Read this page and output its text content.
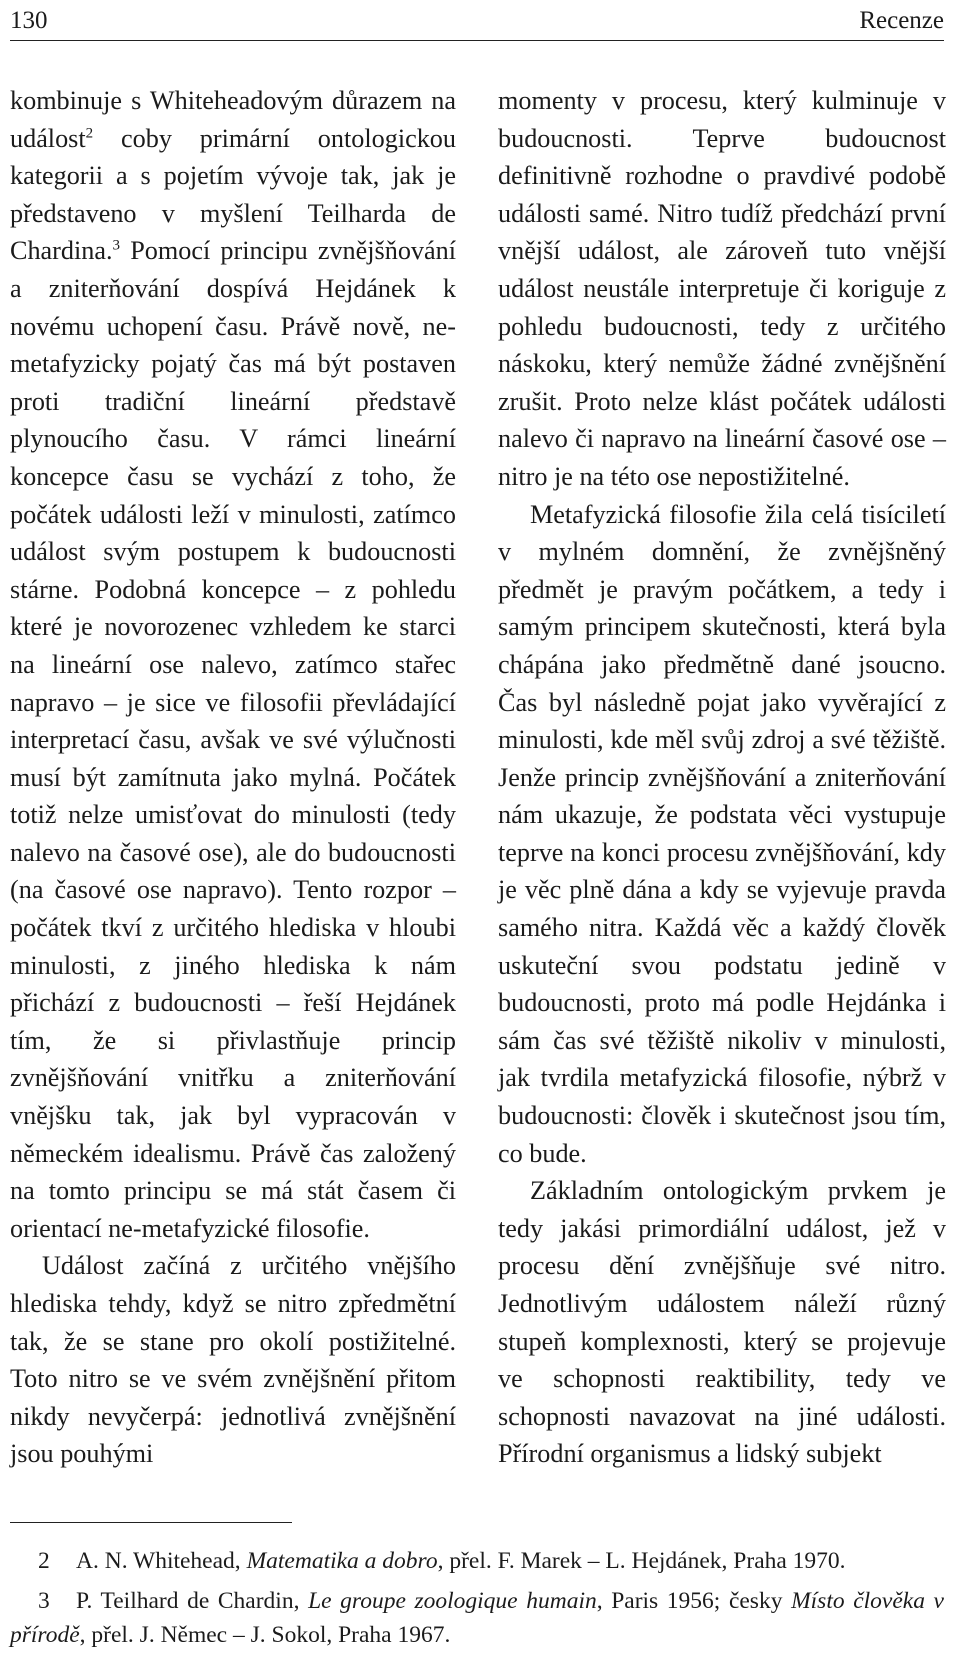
130	Recenze

kombinuje s Whiteheadovým důrazem na událost$^2$ coby primární ontologickou kategorii a s pojetím vývoje tak, jak je představeno v myšlení Teilharda de Chardina.$^3$ Pomocí principu zvnějšňování a zniterňování dospívá Hejdánek k novému uchopení času. Právě nově, ne-metafyzicky pojatý čas má být postaven proti tradiční lineární představě plynoucího času. V rámci lineární koncepce času se vychází z toho, že počátek události leží v minulosti, zatímco událost svým postupem k budoucnosti stárne. Podobná koncepce – z pohledu které je novorozenec vzhledem ke starci na lineární ose nalevo, zatímco stařec napravo – je sice ve filosofii převládající interpretací času, avšak ve své výlučnosti musí být zamítnuta jako mylná. Počátek totiž nelze umisťovat do minulosti (tedy nalevo na časové ose), ale do budoucnosti (na časové ose napravo). Tento rozpor – počátek tkví z určitého hlediska v hloubi minulosti, z jiného hlediska k nám přichází z budoucnosti – řeší Hejdánek tím, že si přivlastňuje princip zvnějšňování vnitřku a zniterňování vnějšku tak, jak byl vypracován v německém idealismu. Právě čas založený na tomto principu se má stát časem či orientací ne-metafyzické filosofie.

Událost začíná z určitého vnějšího hlediska tehdy, když se nitro zpředmětní tak, že se stane pro okolí postižitelné. Toto nitro se ve svém zvnějšnění přitom nikdy nevyčerpá: jednotlivá zvnějšnění jsou pouhými

momenty v procesu, který kulminuje v budoucnosti. Teprve budoucnost definitivně rozhodne o pravdivé podobě události samé. Nitro tudíž předchází první vnější událost, ale zároveň tuto vnější událost neustále interpretuje či koriguje z pohledu budoucnosti, tedy z určitého náskoku, který nemůže žádné zvnějšnění zrušit. Proto nelze klást počátek události nalevo či napravo na lineární časové ose – nitro je na této ose nepostižitelné.

Metafyzická filosofie žila celá tisíciletí v mylném domnění, že zvnějšněný předmět je pravým počátkem, a tedy i samým principem skutečnosti, která byla chápána jako předmětně dané jsoucno. Čas byl následně pojat jako vyvěrající z minulosti, kde měl svůj zdroj a své těžiště. Jenže princip zvnějšňování a zniterňování nám ukazuje, že podstata věci vystupuje teprve na konci procesu zvnějšňování, kdy je věc plně dána a kdy se vyjevuje pravda samého nitra. Každá věc a každý člověk uskuteční svou podstatu jedině v budoucnosti, proto má podle Hejdánka i sám čas své těžiště nikoliv v minulosti, jak tvrdila metafyzická filosofie, nýbrž v budoucnosti: člověk i skutečnost jsou tím, co bude.

Základním ontologickým prvkem je tedy jakási primordiální událost, jež v procesu dění zvnějšňuje své nitro. Jednotlivým událostem náleží různý stupeň komplexnosti, který se projevuje ve schopnosti reaktibility, tedy ve schopnosti navazovat na jiné události. Přírodní organismus a lidský subjekt

2 A. N. Whitehead, Matematika a dobro, přel. F. Marek – L. Hejdánek, Praha 1970.

3 P. Teilhard de Chardin, Le groupe zoologique humain, Paris 1956; česky Místo člověka v přírodě, přel. J. Němec – J. Sokol, Praha 1967.
